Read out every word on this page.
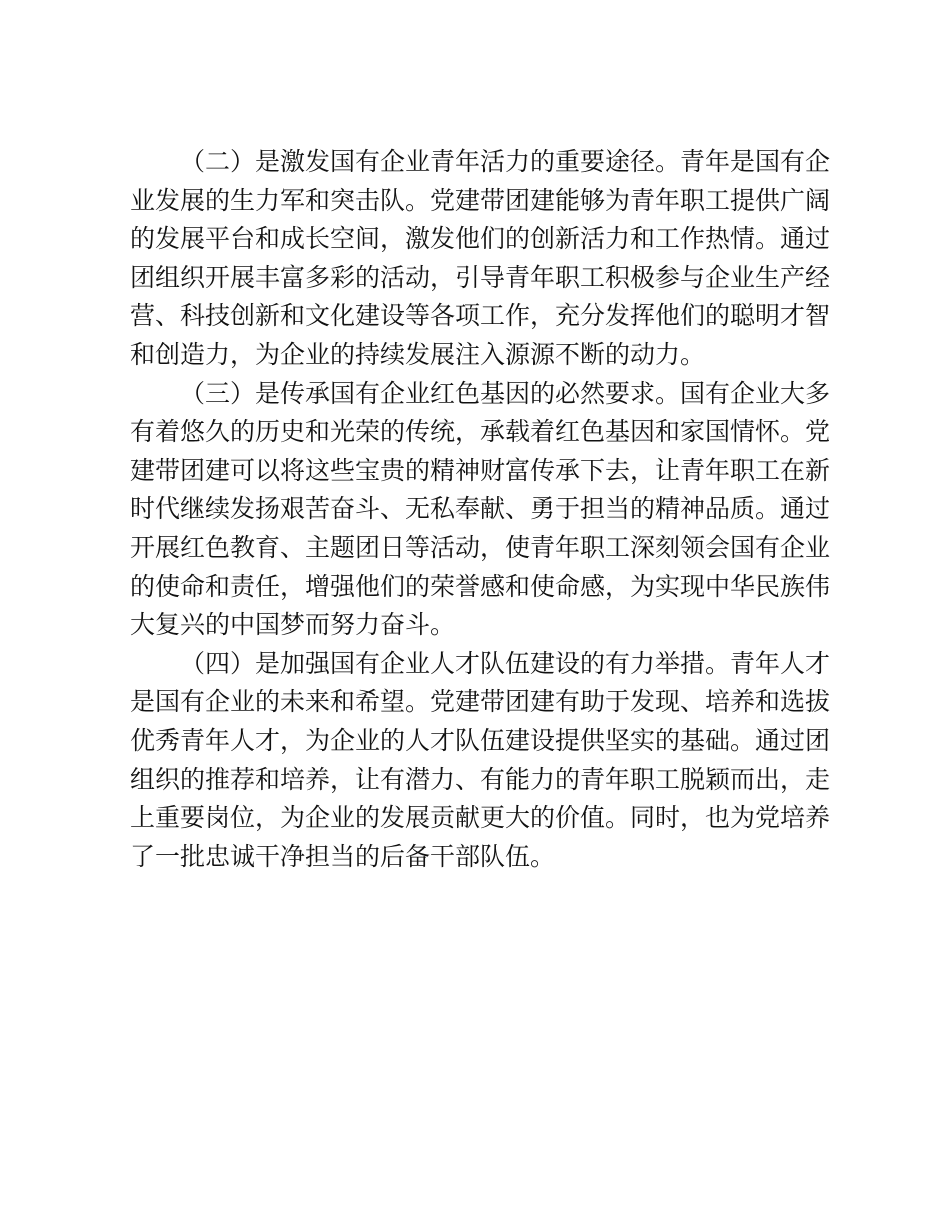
（二）是激发国有企业青年活力的重要途径。青年是国有企
业发展的生力军和突击队。党建带团建能够为青年职工提供广阔
的发展平台和成长空间，激发他们的创新活力和工作热情。通过
团组织开展丰富多彩的活动，引导青年职工积极参与企业生产经
营、科技创新和文化建设等各项工作，充分发挥他们的聪明才智
和创造力，为企业的持续发展注入源源不断的动力。

（三）是传承国有企业红色基因的必然要求。国有企业大多
有着悠久的历史和光荣的传统，承载着红色基因和家国情怀。党
建带团建可以将这些宝贵的精神财富传承下去，让青年职工在新
时代继续发扬艰苦奋斗、无私奉献、勇于担当的精神品质。通过
开展红色教育、主题团日等活动，使青年职工深刻领会国有企业
的使命和责任，增强他们的荣誉感和使命感，为实现中华民族伟
大复兴的中国梦而努力奋斗。

（四）是加强国有企业人才队伍建设的有力举措。青年人才
是国有企业的未来和希望。党建带团建有助于发现、培养和选拔
优秀青年人才，为企业的人才队伍建设提供坚实的基础。通过团
组织的推荐和培养，让有潜力、有能力的青年职工脱颖而出，走
上重要岗位，为企业的发展贡献更大的价值。同时，也为党培养
了一批忠诚干净担当的后备干部队伍。
